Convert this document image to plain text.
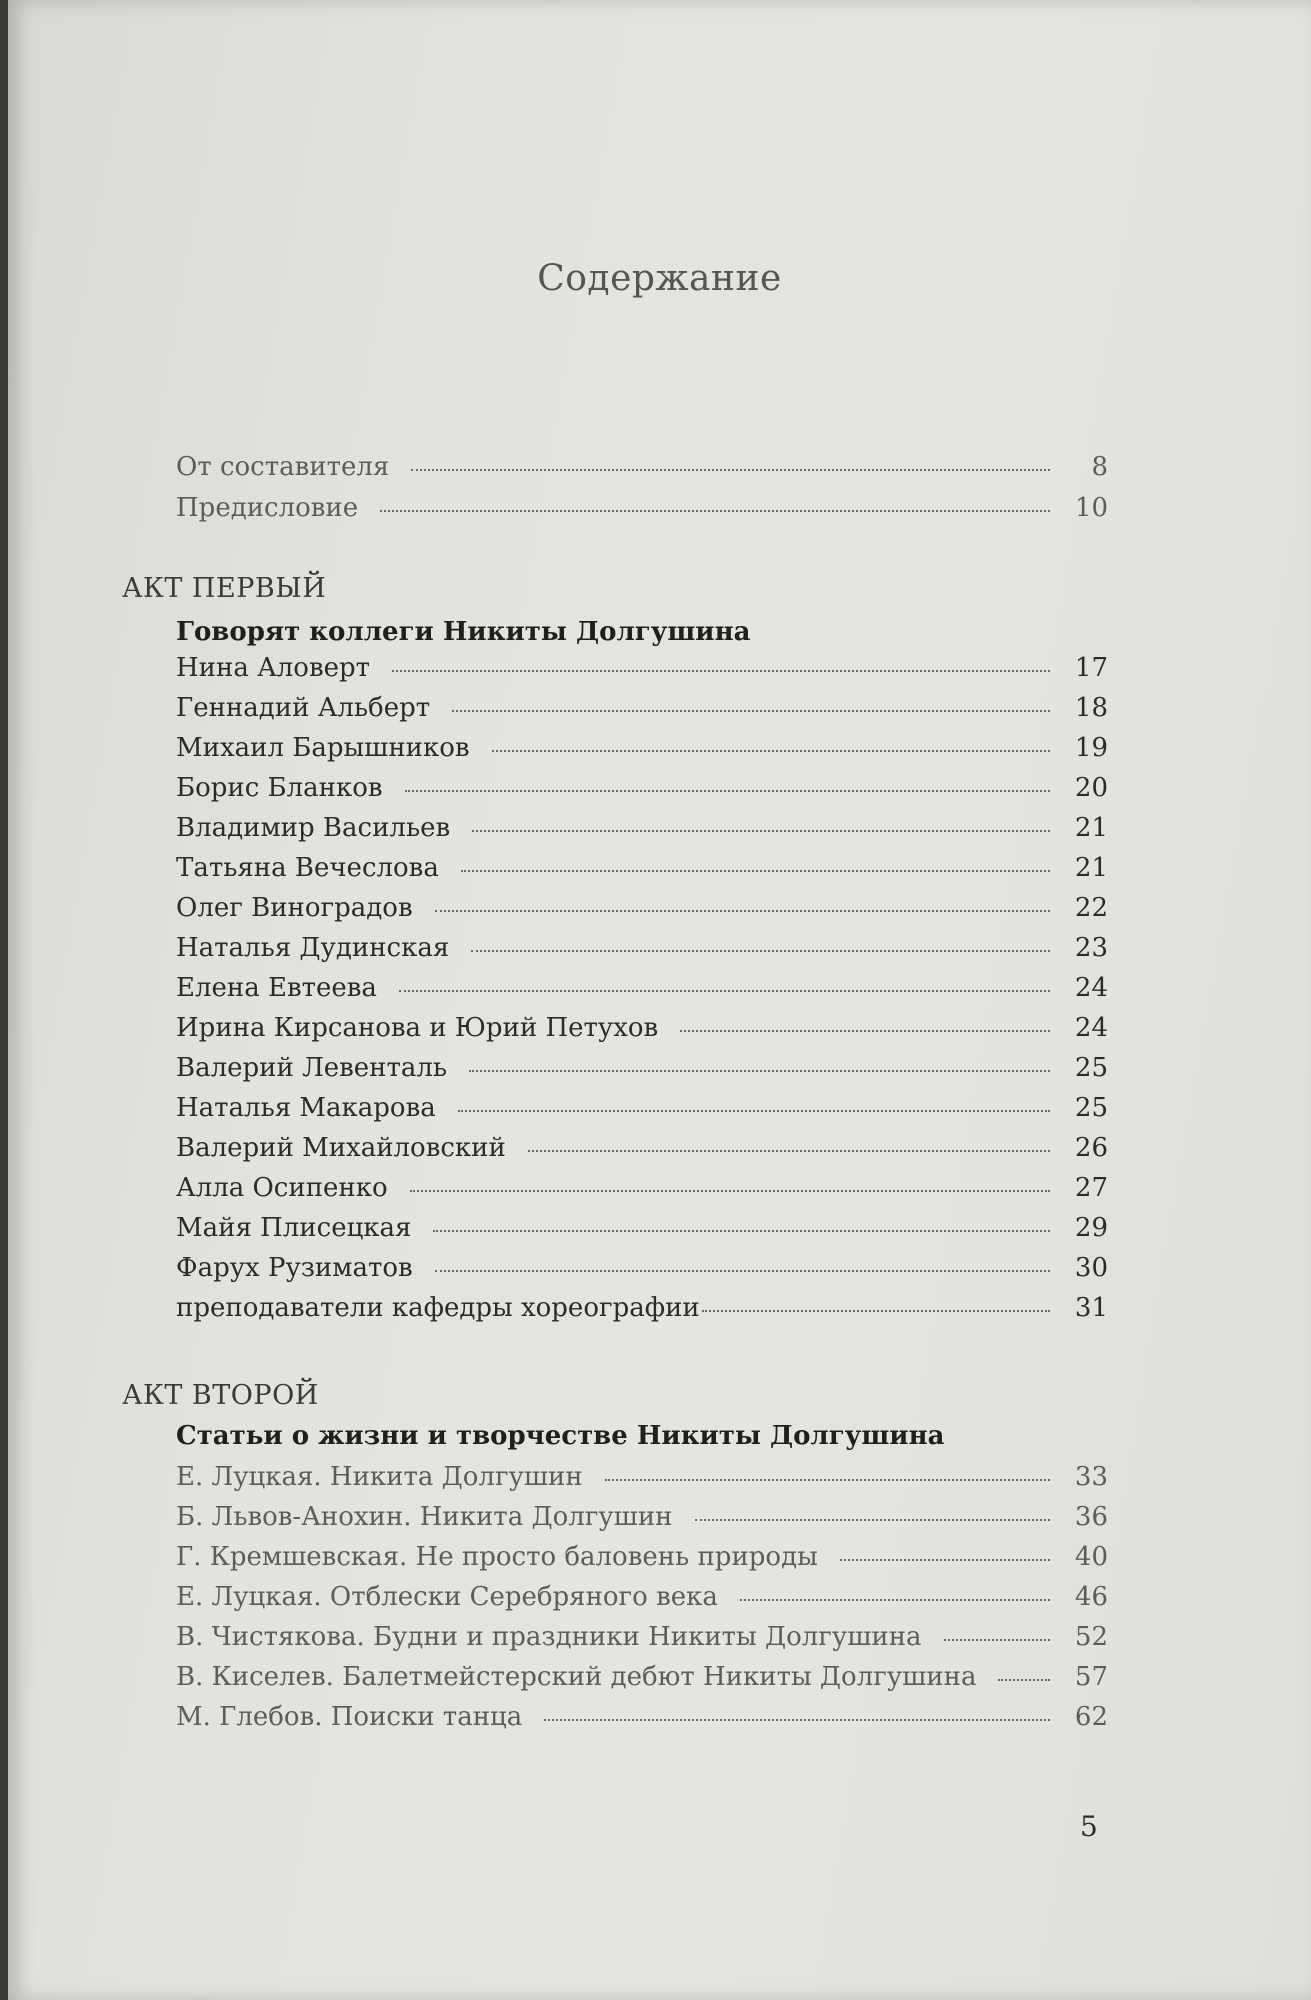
Содержание
От составителя	8
Предисловие	10
АКТ ПЕРВЫЙ
Говорят коллеги Никиты Долгушина
Нина Аловерт	17
Геннадий Альберт	18
Михаил Барышников	19
Борис Бланков	20
Владимир Васильев	21
Татьяна Вечеслова	21
Олег Виноградов	22
Наталья Дудинская	23
Елена Евтеева	24
Ирина Кирсанова и Юрий Петухов	24
Валерий Левенталь	25
Наталья Макарова	25
Валерий Михайловский	26
Алла Осипенко	27
Майя Плисецкая	29
Фарух Рузиматов	30
преподаватели кафедры хореографии	31
АКТ ВТОРОЙ
Статьи о жизни и творчестве Никиты Долгушина
Е. Луцкая. Никита Долгушин	33
Б. Львов-Анохин. Никита Долгушин	36
Г. Кремшевская. Не просто баловень природы	40
Е. Луцкая. Отблески Серебряного века	46
В. Чистякова. Будни и праздники Никиты Долгушина	52
В. Киселев. Балетмейстерский дебют Никиты Долгушина	57
М. Глебов. Поиски танца	62
5
